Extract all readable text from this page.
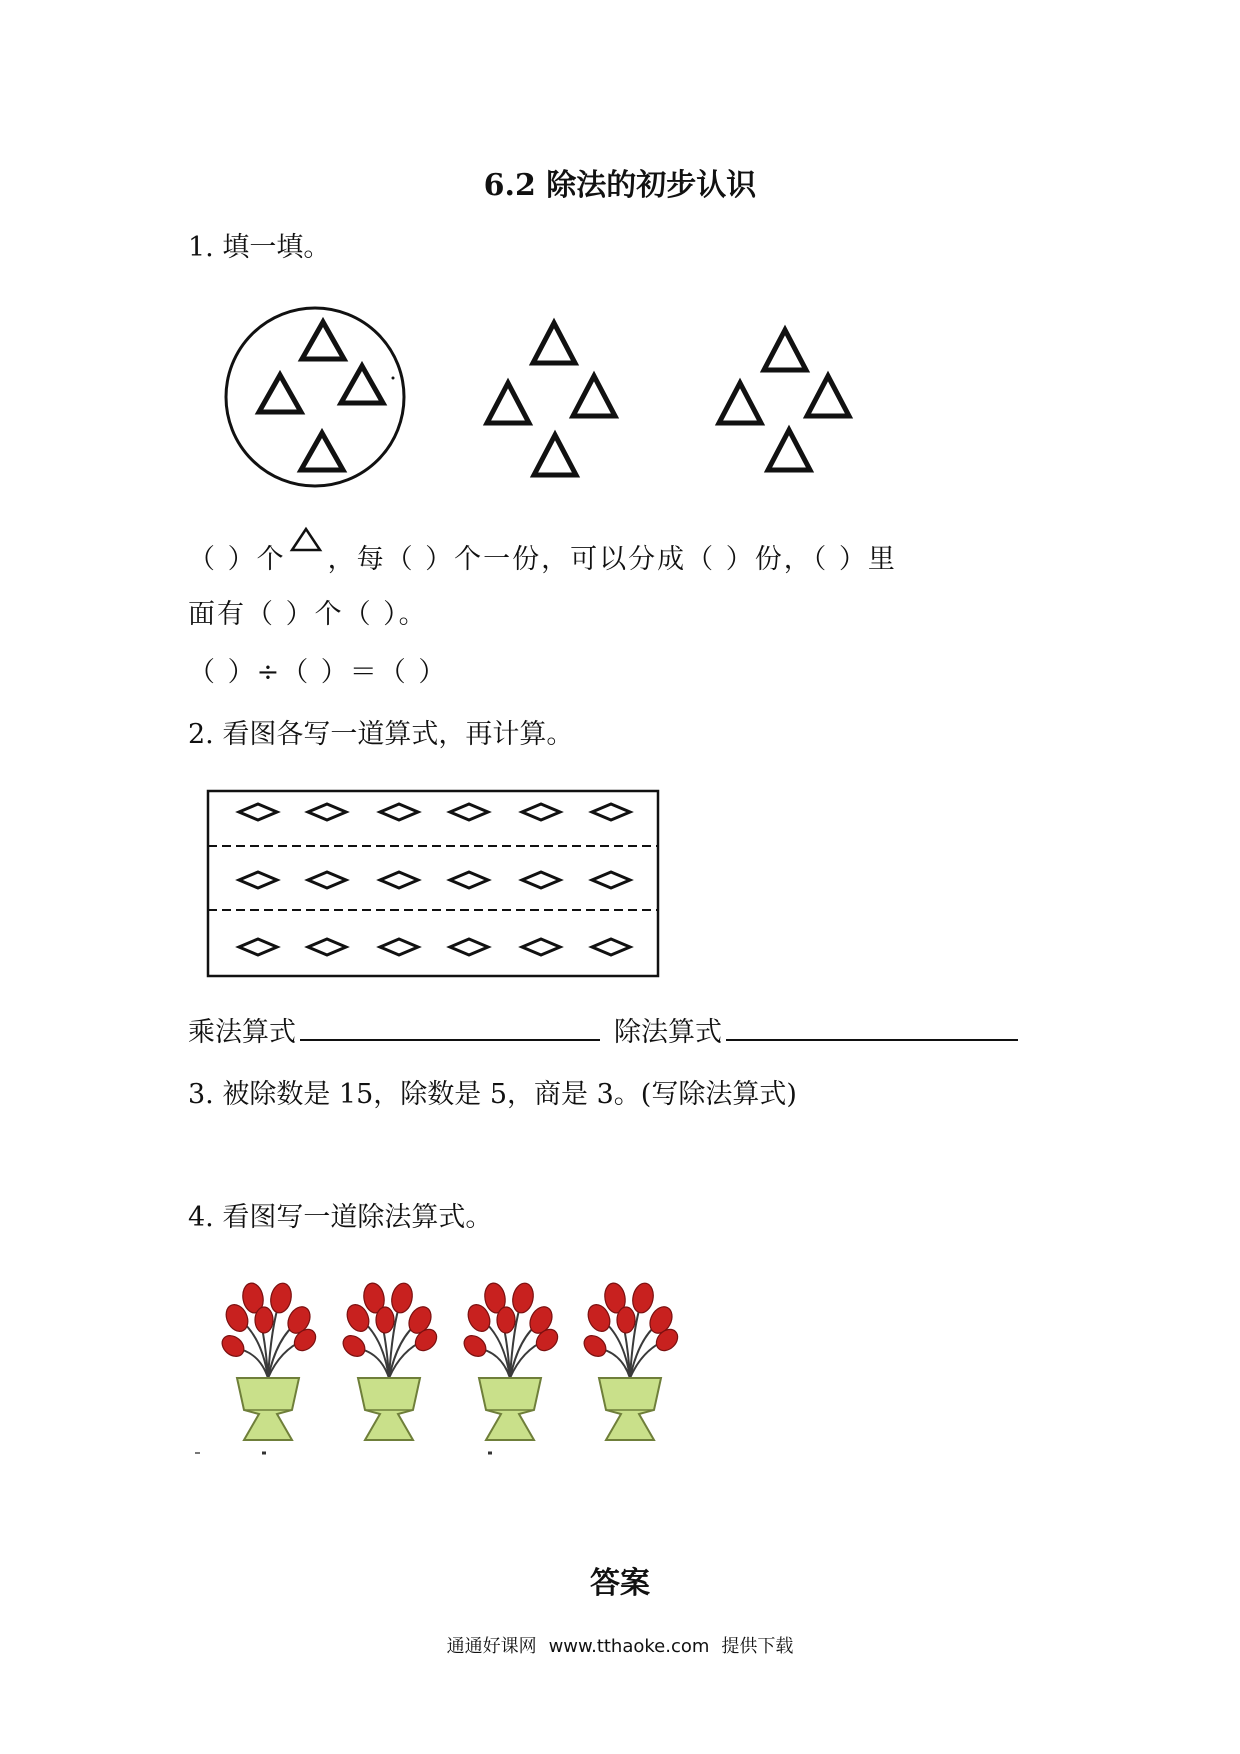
6.2 除法的初步认识
1. 填一填。
（ ）个 ，每（ ）个一份，可以分成（ ）份，（ ）里
面有（ ）个（ ）。
（ ）÷（ ）＝（ ）
2. 看图各写一道算式，再计算。
乘法算式	除法算式
3. 被除数是 15，除数是 5，商是 3。(写除法算式)
4. 看图写一道除法算式。
答案
通通好课网 www.tthaoke.com 提供下载
